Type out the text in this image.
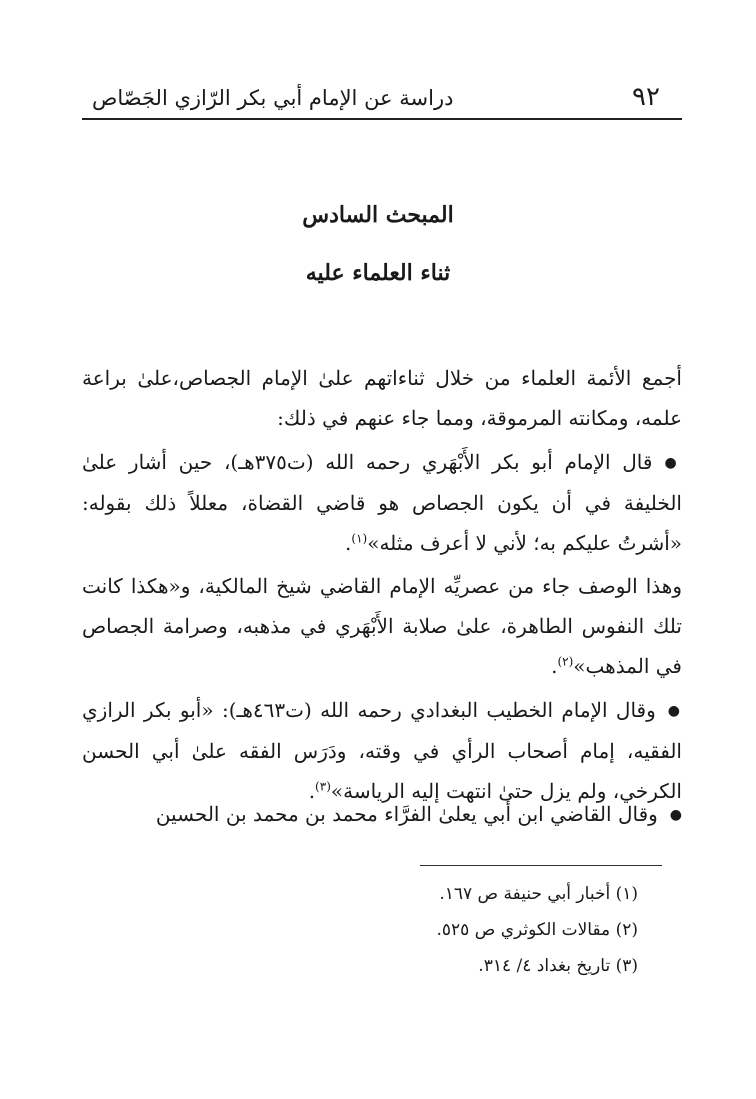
٩٢
دراسة عن الإمام أبي بكر الرّازي الجَصّاص
المبحث السادس
ثناء العلماء عليه

أجمع الأئمة العلماء من خلال ثناءاتهم علىٰ الإمام الجصاص،علىٰ براعة علمه، ومكانته المرموقة، ومما جاء عنهم في ذلك:

● قال الإمام أبو بكر الأَبْهَري رحمه الله (ت٣٧٥هـ)، حين أشار علىٰ الخليفة في أن يكون الجصاص هو قاضي القضاة، معللاً ذلك بقوله: «أشرتُ عليكم به؛ لأني لا أعرف مثله»$^{(١)}$.

وهذا الوصف جاء من عصريِّه الإمام القاضي شيخ المالكية، و«هكذا كانت تلك النفوس الطاهرة، علىٰ صلابة الأَبْهَري في مذهبه، وصرامة الجصاص في المذهب»$^{(٢)}$.

● وقال الإمام الخطيب البغدادي رحمه الله (ت٤٦٣هـ): «أبو بكر الرازي الفقيه، إمام أصحاب الرأي في وقته، ودَرَس الفقه علىٰ أبي الحسن الكرخي، ولم يزل حتىٰ انتهت إليه الرياسة»$^{(٣)}$.

● وقال القاضي ابن أبي يعلىٰ الفرَّاء محمد بن محمد بن الحسين

(١) أخبار أبي حنيفة ص ١٦٧.
(٢) مقالات الكوثري ص ٥٢٥.
(٣) تاريخ بغداد ٤/ ٣١٤.
